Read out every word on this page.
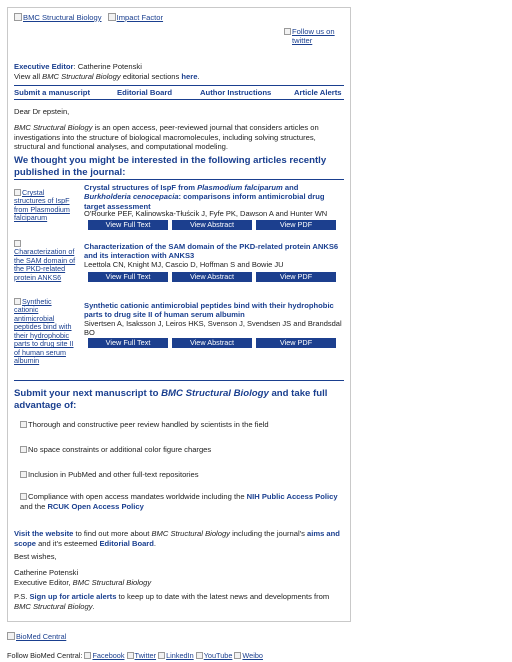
BMC Structural Biology Impact Factor
Follow us on
twitter
Executive Editor: Catherine Potenski
View all BMC Structural Biology editorial sections here.
Submit a manuscript	Editorial Board	Author Instructions	Article Alerts
Dear Dr epstein,
BMC Structural Biology is an open access, peer-reviewed journal that considers articles on investigations into the structure of biological macromolecules, including solving structures, structural and functional analyses, and computational modeling.
We thought you might be interested in the following articles recently published in the journal:
Crystal structures of IspF from Plasmodium falciparum
Crystal structures of IspF from Plasmodium falciparum and Burkholderia cenocepacia: comparisons inform antimicrobial drug target assessment
O'Rourke PEF, Kalinowska-Tłuścik J, Fyfe PK, Dawson A and Hunter WN
View Full Text	View Abstract	View PDF

Characterization of the SAM domain of the PKD-related protein ANKS6
Characterization of the SAM domain of the PKD-related protein ANKS6 and its interaction with ANKS3
Leettola CN, Knight MJ, Cascio D, Hoffman S and Bowie JU
View Full Text	View Abstract	View PDF
Synthetic cationic antimicrobial peptides bind with their hydrophobic parts to drug site II of human serum albumin
Synthetic cationic antimicrobial peptides bind with their hydrophobic parts to drug site II of human serum albumin
Sivertsen A, Isaksson J, Leiros HKS, Svenson J, Svendsen JS and Brandsdal BO
View Full Text	View Abstract	View PDF
Submit your next manuscript to BMC Structural Biology and take full advantage of:
Thorough and constructive peer review handled by scientists in the field
No space constraints or additional color figure charges
Inclusion in PubMed and other full-text repositories
Compliance with open access mandates worldwide including the NIH Public Access Policy and the RCUK Open Access Policy
Visit the website to find out more about BMC Structural Biology including the journal's aims and scope and it's esteemed Editorial Board.
Best wishes,
Catherine Potenski
Executive Editor, BMC Structural Biology
P.S. Sign up for article alerts to keep up to date with the latest news and developments from BMC Structural Biology.
BioMed Central
Follow BioMed Central: Facebook Twitter LinkedIn YouTube Weibo
